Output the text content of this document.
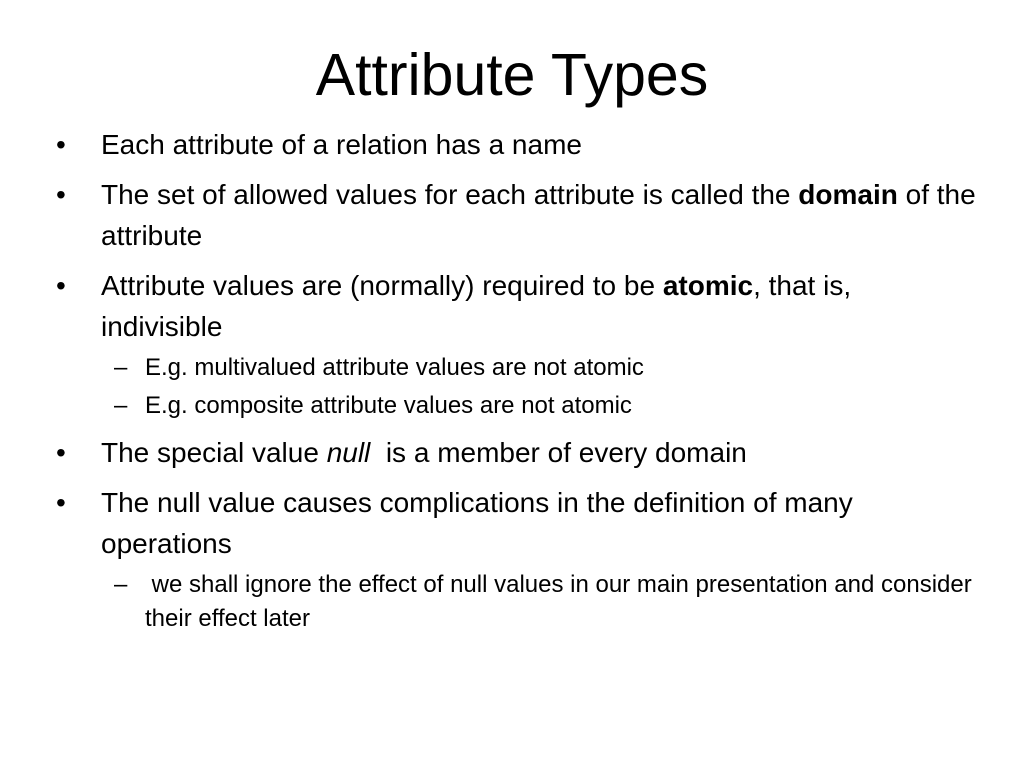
Attribute Types
•	Each attribute of a relation has a name
•	The set of allowed values for each attribute is called the domain of the attribute
•	Attribute values are (normally) required to be atomic, that is, indivisible
– E.g. multivalued attribute values are not atomic
– E.g. composite attribute values are not atomic
•	The special value null  is a member of every domain
•	The null value causes complications in the definition of many operations
– we shall ignore the effect of null values in our main presentation and consider their effect later
